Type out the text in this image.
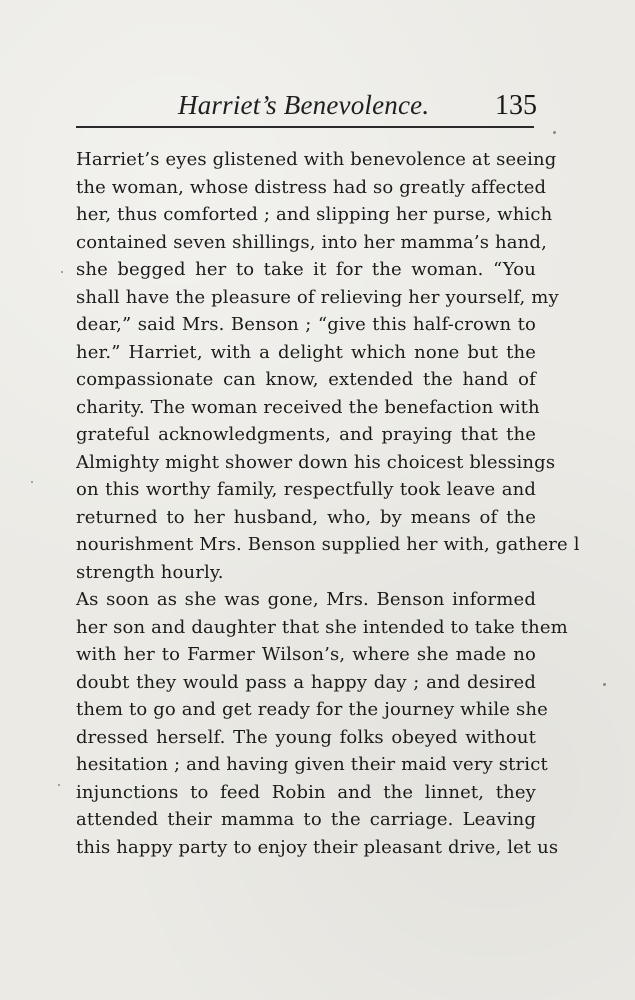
Harriet’s Benevolence. 135
Harriet’s eyes glistened with benevolence at seeing
the woman, whose distress had so greatly affected
her, thus comforted ; and slipping her purse, which
contained seven shillings, into her mamma’s hand,
she begged her to take it for the woman. “You
shall have the pleasure of relieving her yourself, my
dear,” said Mrs. Benson ; “give this half-crown to
her.” Harriet, with a delight which none but the
compassionate can know, extended the hand of
charity. The woman received the benefaction with
grateful acknowledgments, and praying that the
Almighty might shower down his choicest blessings
on this worthy family, respectfully took leave and
returned to her husband, who, by means of the
nourishment Mrs. Benson supplied her with, gathere l
strength hourly.
As soon as she was gone, Mrs. Benson informed
her son and daughter that she intended to take them
with her to Farmer Wilson’s, where she made no
doubt they would pass a happy day ; and desired
them to go and get ready for the journey while she
dressed herself. The young folks obeyed without
hesitation ; and having given their maid very strict
injunctions to feed Robin and the linnet, they
attended their mamma to the carriage. Leaving
this happy party to enjoy their pleasant drive, let us
